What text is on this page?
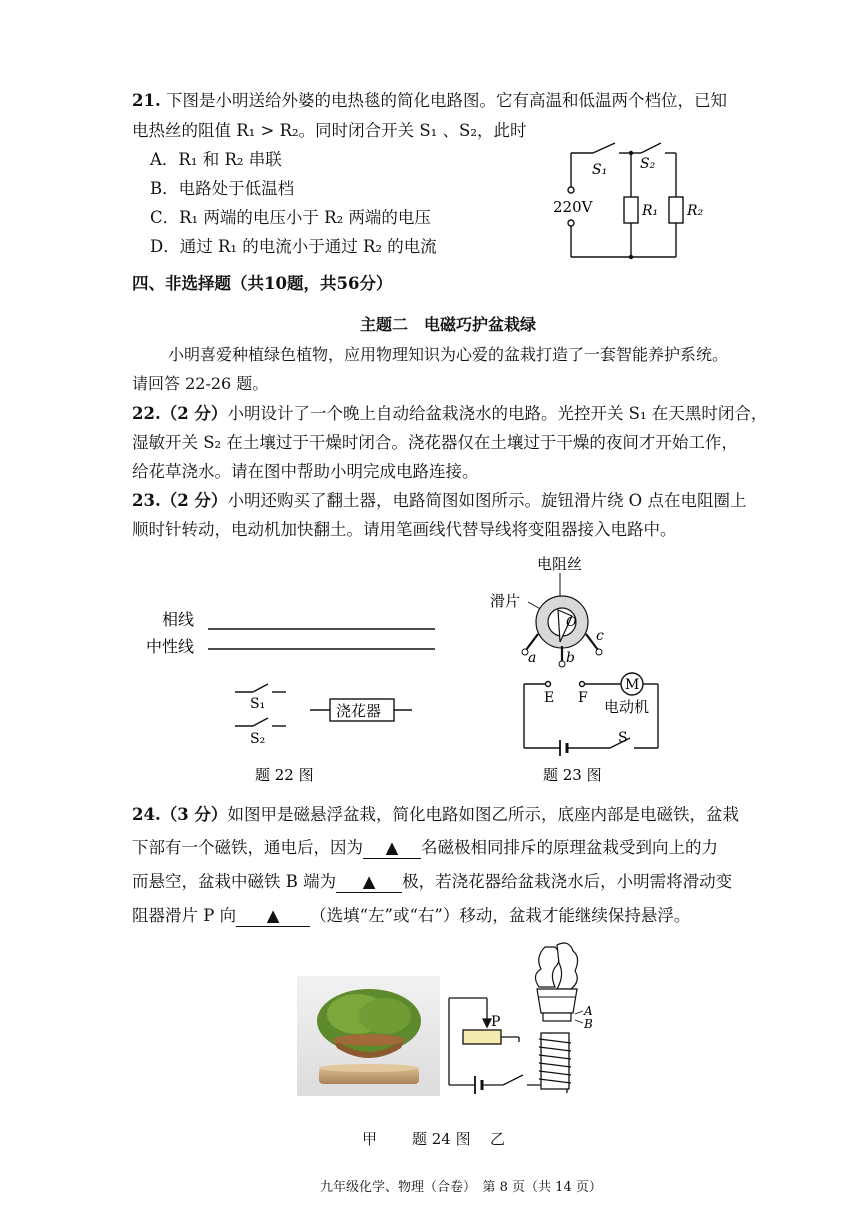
21. 下图是小明送给外婆的电热毯的简化电路图。它有高温和低温两个档位，已知
电热丝的阻值 R₁ > R₂。同时闭合开关 S₁ 、S₂，此时
A．R₁ 和 R₂ 串联
B．电路处于低温档
C．R₁ 两端的电压小于 R₂ 两端的电压
D．通过 R₁ 的电流小于通过 R₂ 的电流
220V
S₁ S₂
R₁ R₂
四、非选择题（共10题，共56分）
主题二　电磁巧护盆栽绿
小明喜爱种植绿色植物，应用物理知识为心爱的盆栽打造了一套智能养护系统。
请回答 22-26 题。
22.（2 分）小明设计了一个晚上自动给盆栽浇水的电路。光控开关 S₁ 在天黑时闭合，
湿敏开关 S₂ 在土壤过于干燥时闭合。浇花器仅在土壤过于干燥的夜间才开始工作，
给花草浇水。请在图中帮助小明完成电路连接。
23.（2 分）小明还购买了翻土器，电路简图如图所示。旋钮滑片绕 O 点在电阻圈上
顺时针转动，电动机加快翻土。请用笔画线代替导线将变阻器接入电路中。
相线
中性线
S₁
S₂
浇花器
题 22 图
电阻丝
滑片
O
a b
c
E F
M
电动机
S
题 23 图
24.（3 分）如图甲是磁悬浮盆栽，简化电路如图乙所示，底座内部是电磁铁，盆栽
下部有一个磁铁，通电后，因为 ▲ 名磁极相同排斥的原理盆栽受到向上的力
而悬空，盆栽中磁铁 B 端为 ▲ 极，若浇花器给盆栽浇水后，小明需将滑动变
阻器滑片 P 向 ▲ （选填“左”或“右”）移动，盆栽才能继续保持悬浮。
P
A
B
甲 题 24 图 乙
九年级化学、物理（合卷）　第 8 页（共 14 页）
